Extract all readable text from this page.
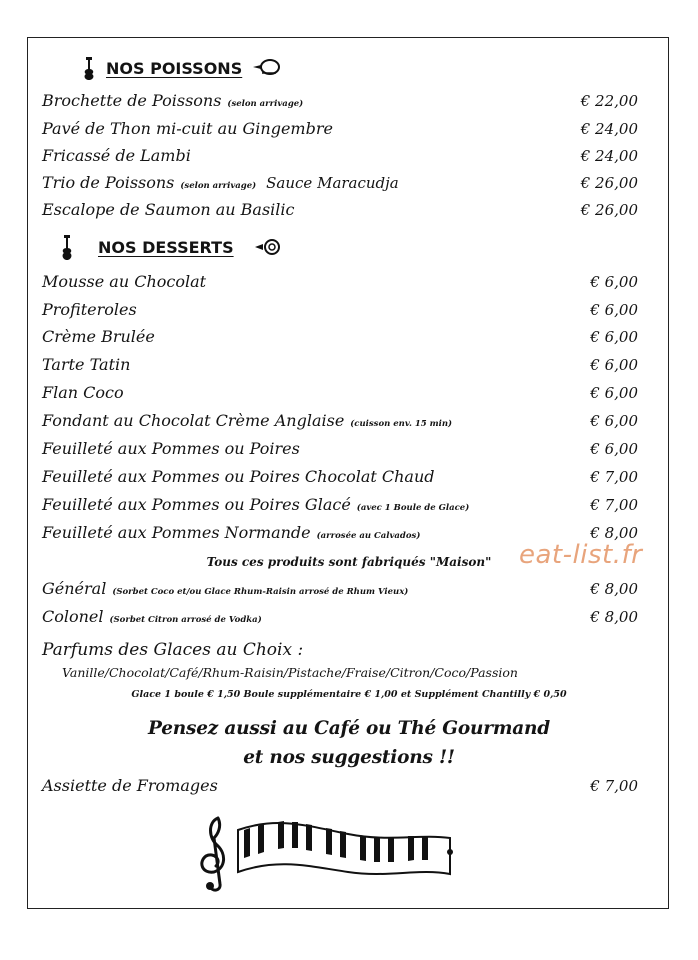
eat-list.fr
NOS POISSONS
Brochette de Poissons (selon arrivage)	€ 22,00
Pavé de Thon mi-cuit au Gingembre	€ 24,00
Fricassé de Lambi	€ 24,00
Trio de Poissons (selon arrivage) Sauce Maracudja	€ 26,00
Escalope de Saumon au Basilic	€ 26,00
NOS DESSERTS
Mousse au Chocolat	€ 6,00
Profiteroles	€ 6,00
Crème Brulée	€ 6,00
Tarte Tatin	€ 6,00
Flan Coco	€ 6,00
Fondant au Chocolat Crème Anglaise (cuisson env. 15 min)	€ 6,00
Feuilleté aux Pommes ou Poires	€ 6,00
Feuilleté aux Pommes ou Poires Chocolat Chaud	€ 7,00
Feuilleté aux Pommes ou Poires Glacé (avec 1 Boule de Glace)	€ 7,00
Feuilleté aux Pommes Normande (arrosée au Calvados)	€ 8,00
Tous ces produits sont fabriqués "Maison"
Général (Sorbet Coco et/ou Glace Rhum-Raisin arrosé de Rhum Vieux)	€ 8,00
Colonel (Sorbet Citron arrosé de Vodka)	€ 8,00
Parfums des Glaces au Choix :
Vanille/Chocolat/Café/Rhum-Raisin/Pistache/Fraise/Citron/Coco/Passion
Glace 1 boule € 1,50 Boule supplémentaire € 1,00 et Supplément Chantilly € 0,50
Pensez aussi au Café ou Thé Gourmand
et nos suggestions !!
Assiette de Fromages	€ 7,00
